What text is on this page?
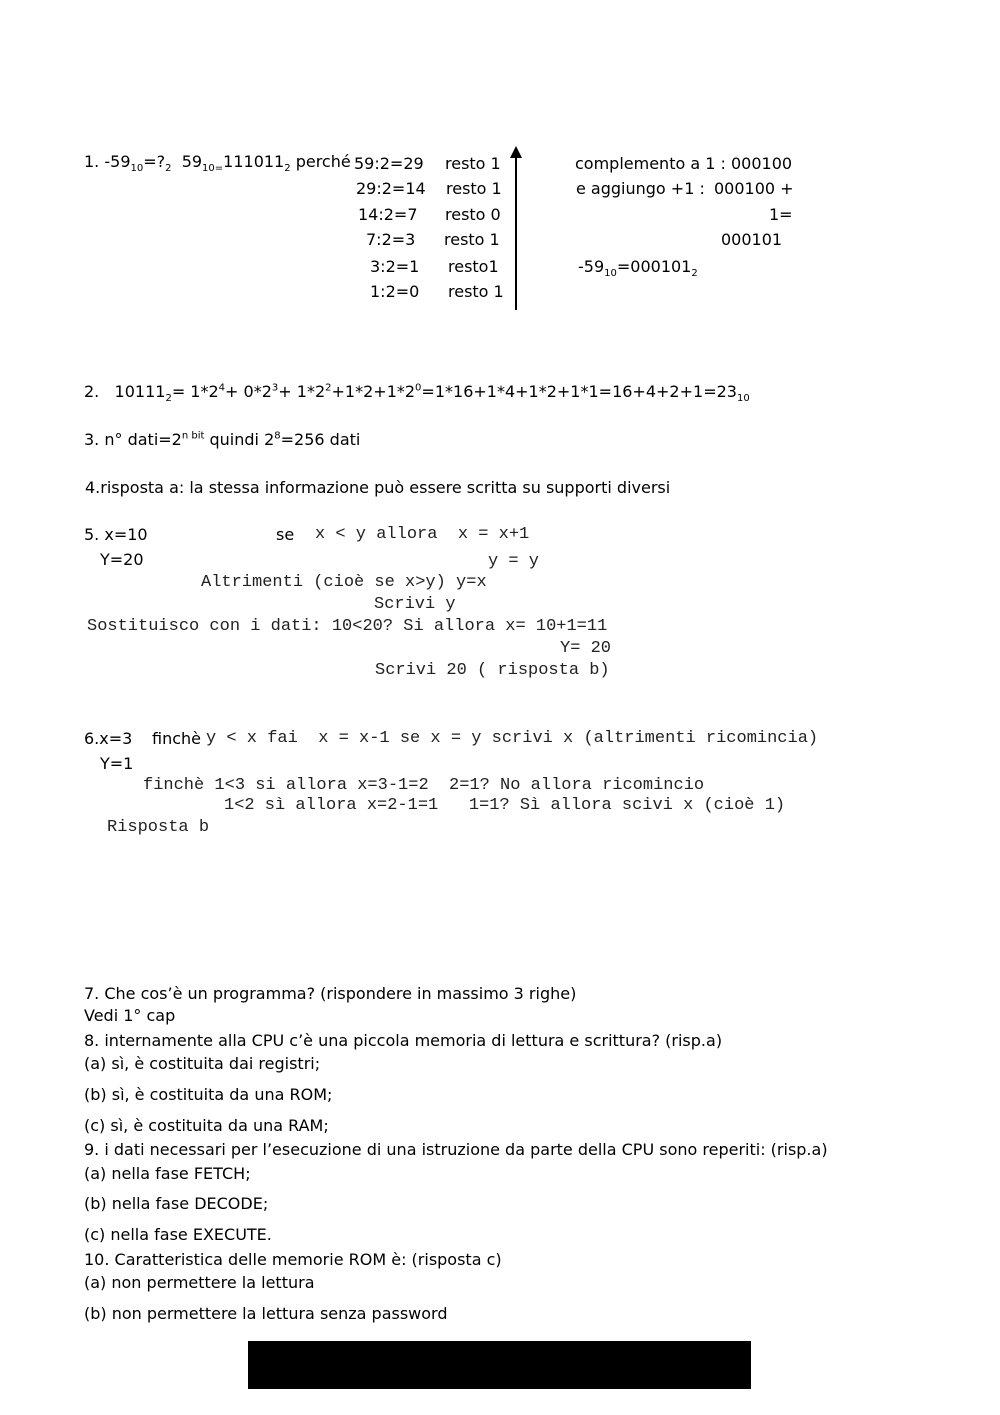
1. $-59_{10}=?_2$ $59_{10=}111011_2$ perché 59:2=29
29:2=14
14:2=7
7:2=3
3:2=1
1:2=0
resto 1
resto 1
resto 0
resto 1
resto1
resto 1
complemento a 1 : 000100
e aggiungo +1 : 000100 +
1=
000101
$-59_{10}=000101_2$
2. $10111_2= 1*2^4+ 0*2^3+ 1*2^2+1*2+1*2^0=1*16+1*4+1*2+1*1=16+4+2+1=23_{10}$
3. n° $dati=2^{n bit}$ quindi $2^8=256$ dati
4.risposta a: la stessa informazione può essere scritta su supporti diversi
5. x=10
Y=20
se x < y allora  x = x+1
y = y
Altrimenti (cioè se x>y) y=x
Scrivi y
Sostituisco con i dati: 10<20? Si allora x= 10+1=11
Y= 20
Scrivi 20 ( risposta b)
6.x=3 finchè y < x fai  x = x-1 se x = y scrivi x (altrimenti ricomincia)
Y=1
finchè 1<3 si allora x=3-1=2  2=1? No allora ricomincio
1<2 sì allora x=2-1=1   1=1? Sì allora scivi x (cioè 1)
Risposta b
7. Che cos’è un programma? (rispondere in massimo 3 righe)
Vedi 1° cap
8. internamente alla CPU c’è una piccola memoria di lettura e scrittura? (risp.a)
(a) sì, è costituita dai registri;
(b) sì, è costituita da una ROM;
(c) sì, è costituita da una RAM;
9. i dati necessari per l’esecuzione di una istruzione da parte della CPU sono reperiti: (risp.a)
(a) nella fase FETCH;
(b) nella fase DECODE;
(c) nella fase EXECUTE.
10. Caratteristica delle memorie ROM è: (risposta c)
(a) non permettere la lettura
(b) non permettere la lettura senza password
